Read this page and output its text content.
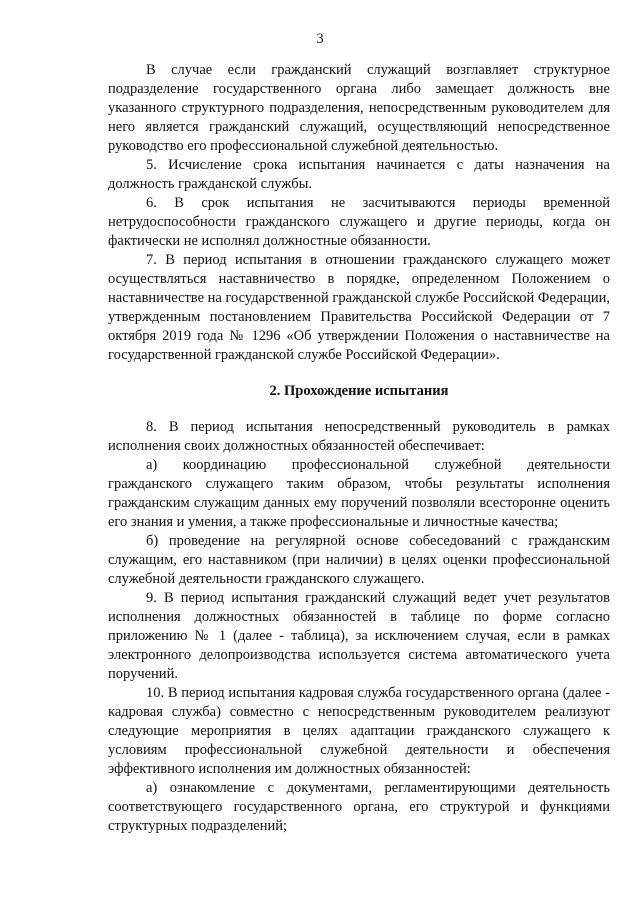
3

В случае если гражданский служащий возглавляет структурное подразделение государственного органа либо замещает должность вне указанного структурного подразделения, непосредственным руководителем для него является гражданский служащий, осуществляющий непосредственное руководство его профессиональной служебной деятельностью.

5. Исчисление срока испытания начинается с даты назначения на должность гражданской службы.

6. В срок испытания не засчитываются периоды временной нетрудоспособности гражданского служащего и другие периоды, когда он фактически не исполнял должностные обязанности.

7. В период испытания в отношении гражданского служащего может осуществляться наставничество в порядке, определенном Положением о наставничестве на государственной гражданской службе Российской Федерации, утвержденным постановлением Правительства Российской Федерации от 7 октября 2019 года № 1296 «Об утверждении Положения о наставничестве на государственной гражданской службе Российской Федерации».

2. Прохождение испытания

8. В период испытания непосредственный руководитель в рамках исполнения своих должностных обязанностей обеспечивает:

а) координацию профессиональной служебной деятельности гражданского служащего таким образом, чтобы результаты исполнения гражданским служащим данных ему поручений позволяли всесторонне оценить его знания и умения, а также профессиональные и личностные качества;

б) проведение на регулярной основе собеседований с гражданским служащим, его наставником (при наличии) в целях оценки профессиональной служебной деятельности гражданского служащего.

9. В период испытания гражданский служащий ведет учет результатов исполнения должностных обязанностей в таблице по форме согласно приложению № 1 (далее - таблица), за исключением случая, если в рамках электронного делопроизводства используется система автоматического учета поручений.

10. В период испытания кадровая служба государственного органа (далее - кадровая служба) совместно с непосредственным руководителем реализуют следующие мероприятия в целях адаптации гражданского служащего к условиям профессиональной служебной деятельности и обеспечения эффективного исполнения им должностных обязанностей:

а) ознакомление с документами, регламентирующими деятельность соответствующего государственного органа, его структурой и функциями структурных подразделений;
